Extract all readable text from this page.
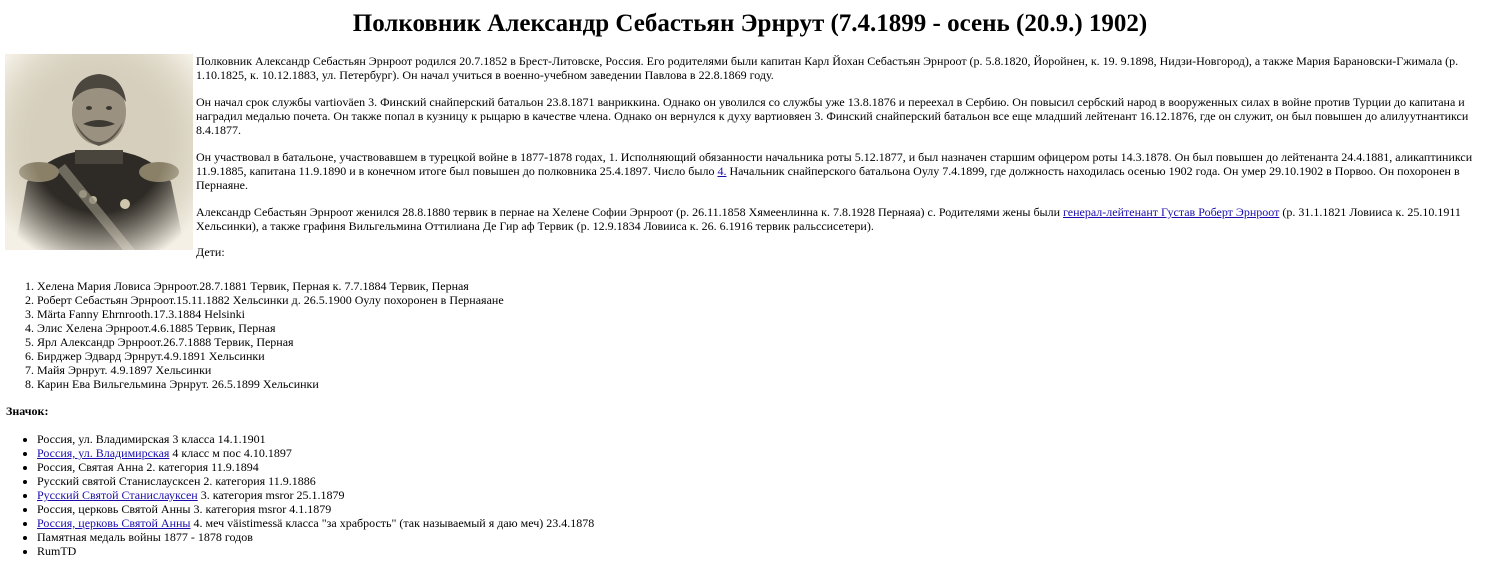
Полковник Александр Себастьян Эрнрут (7.4.1899 - осень (20.9.) 1902)

Полковник Александр Себастьян Эрнроот родился 20.7.1852 в Брест-Литовске, Россия. Его родителями были капитан Карл Йохан Себастьян Эрнроот (р. 5.8.1820, Йоройнен, к. 19. 9.1898, Нидзи-Новгород), а также Мария Барановски-Гжимала (р. 1.10.1825, к. 10.12.1883, ул. Петербург). Он начал учиться в военно-учебном заведении Павлова в 22.8.1869 году.

Он начал срок службы vartioväen 3. Финский снайперский батальон 23.8.1871 ванриккина. Однако он уволился со службы уже 13.8.1876 и переехал в Сербию. Он повысил сербский народ в вооруженных силах в войне против Турции до капитана и наградил медалью почета. Он также попал в кузницу к рыцарю в качестве члена. Однако он вернулся к духу вартиовяен 3. Финский снайперский батальон все еще младший лейтенант 16.12.1876, где он служит, он был повышен до алилуутнантикси 8.4.1877.

Он участвовал в батальоне, участвовавшем в турецкой войне в 1877-1878 годах, 1. Исполняющий обязанности начальника роты 5.12.1877, и был назначен старшим офицером роты 14.3.1878. Он был повышен до лейтенанта 24.4.1881, аликаптиникси 11.9.1885, капитана 11.9.1890 и в конечном итоге был повышен до полковника 25.4.1897. Число было 4. Начальник снайперского батальона Оулу 7.4.1899, где должность находилась осенью 1902 года. Он умер 29.10.1902 в Порвоо. Он похоронен в Пернаяне.

Александр Себастьян Эрнроот женился 28.8.1880 тервик в пернае на Хелене Софии Эрнроот (р. 26.11.1858 Хямеенлинна к. 7.8.1928 Пернаяа) с. Родителями жены были генерал-лейтенант Густав Роберт Эрнроот (р. 31.1.1821 Ловииса к. 25.10.1911 Хельсинки), а также графиня Вильгельмина Оттилиана Де Гир аф Тервик (р. 12.9.1834 Ловииса к. 26. 6.1916 тервик ральссисетери).

Дети:
1. Хелена Мария Ловиса Эрнроот.28.7.1881 Тервик, Перная к. 7.7.1884 Тервик, Перная
2. Роберт Себастьян Эрнроот.15.11.1882 Хельсинки д. 26.5.1900 Оулу похоронен в Пернаяане
3. Märta Fanny Ehrnrooth.17.3.1884 Helsinki
4. Элис Хелена Эрнроот.4.6.1885 Тервик, Перная
5. Ярл Александр Эрнроот.26.7.1888 Тервик, Перная
6. Бирджер Эдвард Эрнрут.4.9.1891 Хельсинки
7. Майя Эрнрут. 4.9.1897 Хельсинки
8. Карин Ева Вильгельмина Эрнрут. 26.5.1899 Хельсинки
Значок:
• Россия, ул. Владимирская 3 класса 14.1.1901
• Россия, ул. Владимирская 4 класс м пос 4.10.1897
• Россия, Святая Анна 2. категория 11.9.1894
• Русский святой Станислаусксен 2. категория 11.9.1886
• Русский Святой Станислауксен 3. категория msror 25.1.1879
• Россия, церковь Святой Анны 3. категория msror 4.1.1879
• Россия, церковь Святой Анны 4. меч väistimessä класса "за храбрость" (так называемый я даю меч) 23.4.1878
• Памятная медаль войны 1877 - 1878 годов
• RumTD
